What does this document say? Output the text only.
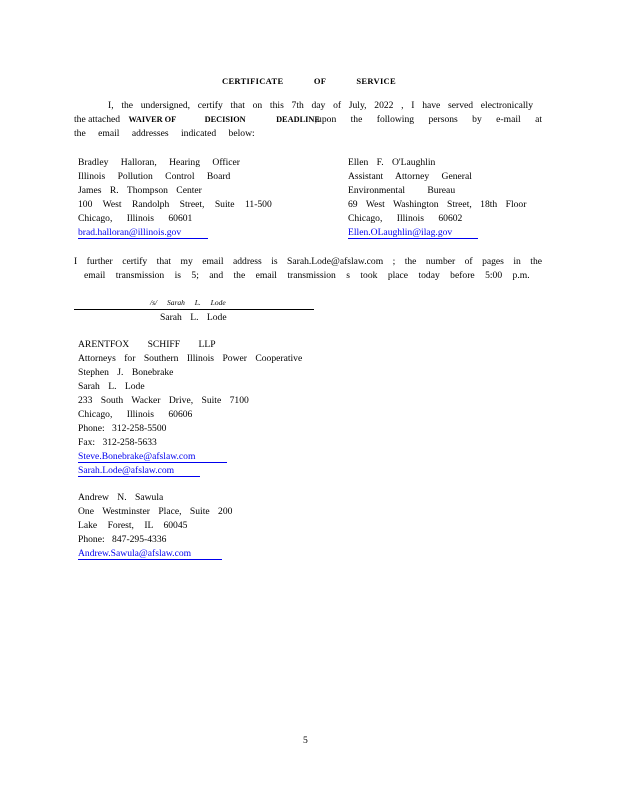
CERTIFICATE OF SERVICE
I, the undersigned, certify that on this 7th day of July, 2022 , I have served electronically
the attached WAIVER OF	DECISION	DEADLINE
,upon the following persons by e-mail at
the email addresses indicated below:
Bradley Halloran, Hearing Officer
Illinois Pollution Control Board
James R. Thompson Center
100 West Randolph Street, Suite 11-500
Chicago, Illinois 60601
brad.halloran@illinois.gov
Ellen F. O'Laughlin
Assistant Attorney General
Environmental Bureau
69 West Washington Street, 18th Floor
Chicago, Illinois 60602
Ellen.OLaughlin@ilag.gov
I further certify that my email address is Sarah.Lode@afslaw.com ; the number of pages in the
email transmission is 5; and the email transmission s took place today before 5:00 p.m.
/s/ Sarah L. Lode
Sarah L. Lode
ARENTFOX SCHIFF LLP
Attorneys for Southern Illinois Power Cooperative
Stephen J. Bonebrake
Sarah L. Lode
233 South Wacker Drive, Suite 7100
Chicago, Illinois 60606
Phone: 312-258-5500
Fax: 312-258-5633
Steve.Bonebrake@afslaw.com
Sarah.Lode@afslaw.com
Andrew N. Sawula
One Westminster Place, Suite 200
Lake Forest, IL 60045
Phone: 847-295-4336
Andrew.Sawula@afslaw.com
5
